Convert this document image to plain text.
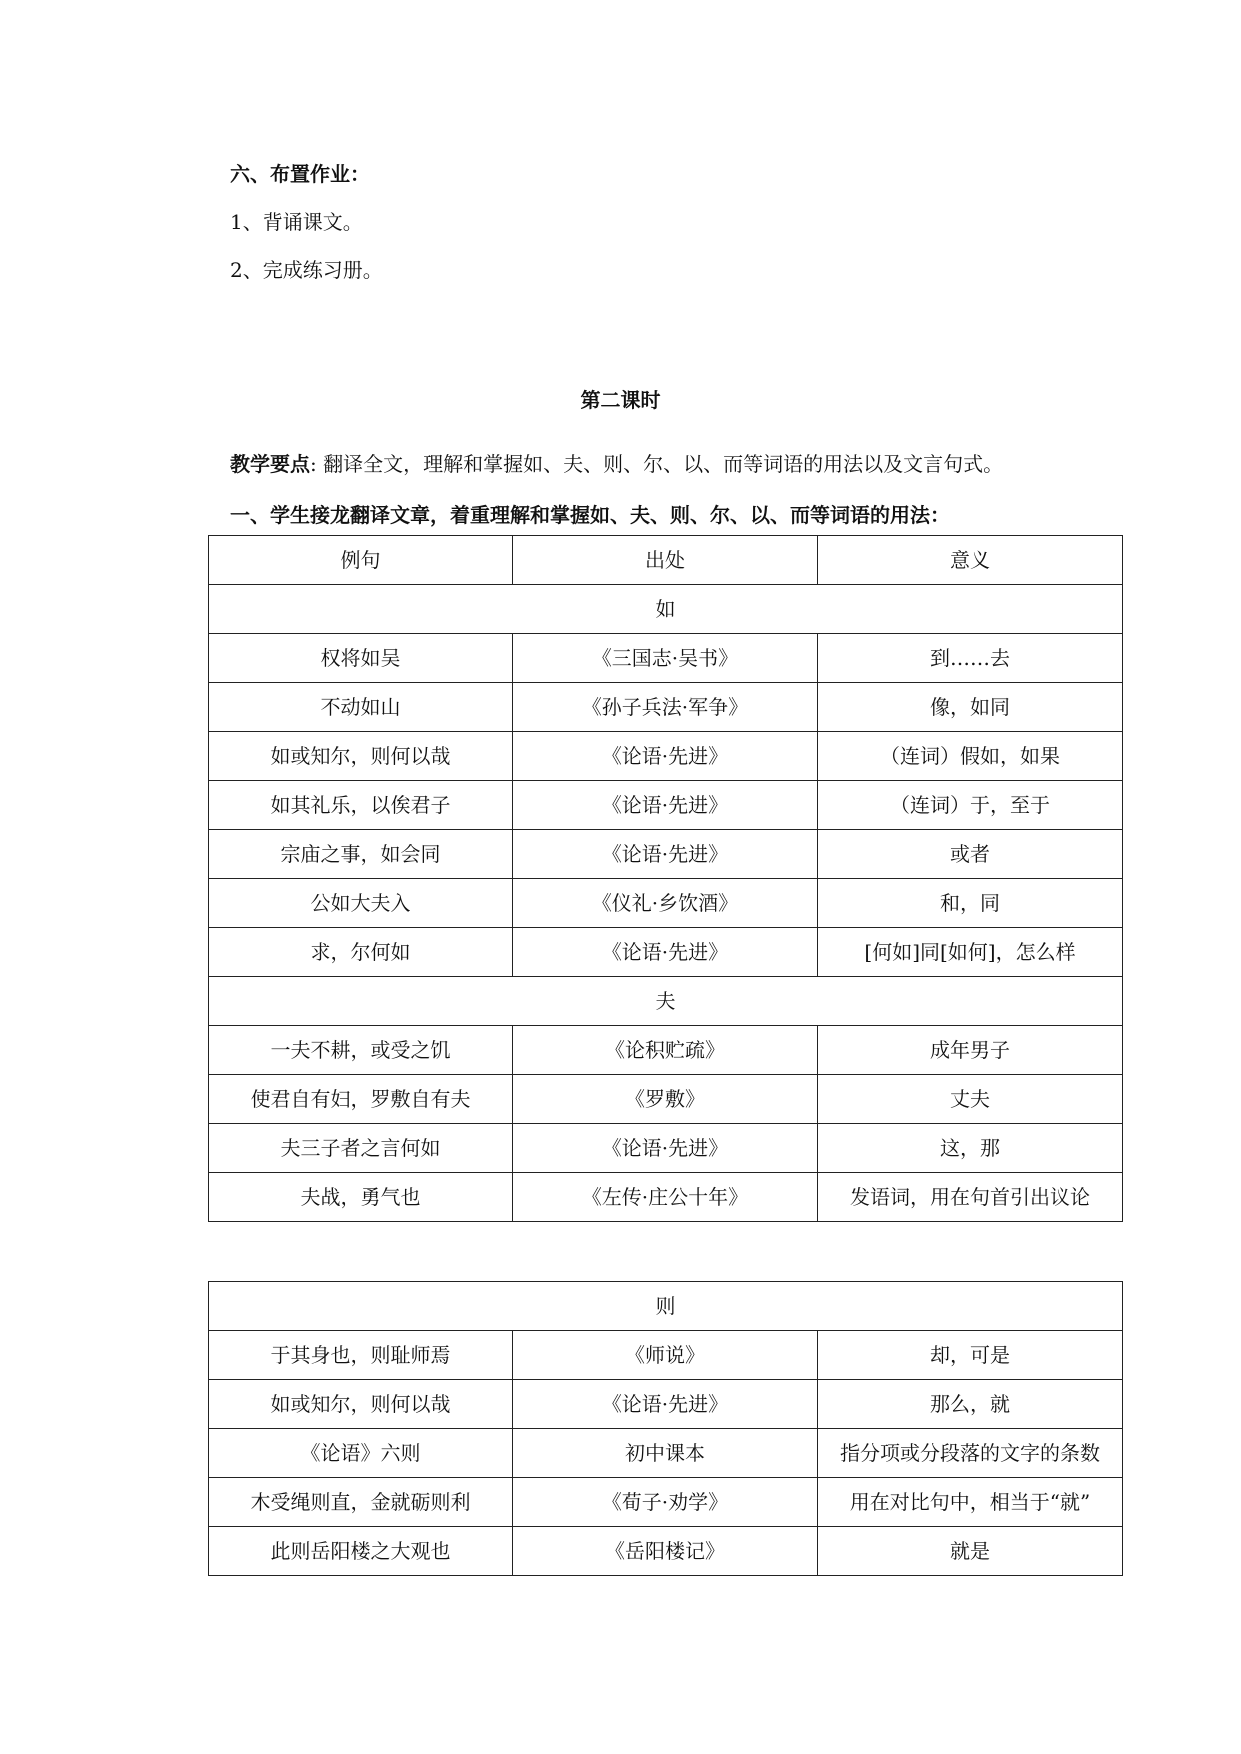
六、布置作业：
1、背诵课文。
2、完成练习册。
第二课时
教学要点: 翻译全文，理解和掌握如、夫、则、尔、以、而等词语的用法以及文言句式。
一、学生接龙翻译文章，着重理解和掌握如、夫、则、尔、以、而等词语的用法：
例句	出处	意义
如		
权将如吴	《三国志·吴书》	到……去
不动如山	《孙子兵法·军争》	像，如同
如或知尔，则何以哉	《论语·先进》	（连词）假如，如果
如其礼乐，以俟君子	《论语·先进》	（连词）于，至于
宗庙之事，如会同	《论语·先进》	或者
公如大夫入	《仪礼·乡饮酒》	和，同
求，尔何如	《论语·先进》	[何如]同[如何]，怎么样
夫		
一夫不耕，或受之饥	《论积贮疏》	成年男子
使君自有妇，罗敷自有夫	《罗敷》	丈夫
夫三子者之言何如	《论语·先进》	这，那
夫战，勇气也	《左传·庄公十年》	发语词，用在句首引出议论
则		
于其身也，则耻师焉	《师说》	却，可是
如或知尔，则何以哉	《论语·先进》	那么，就
《论语》六则	初中课本	指分项或分段落的文字的条数
木受绳则直，金就砺则利	《荀子·劝学》	用在对比句中，相当于“就”
此则岳阳楼之大观也	《岳阳楼记》	就是
